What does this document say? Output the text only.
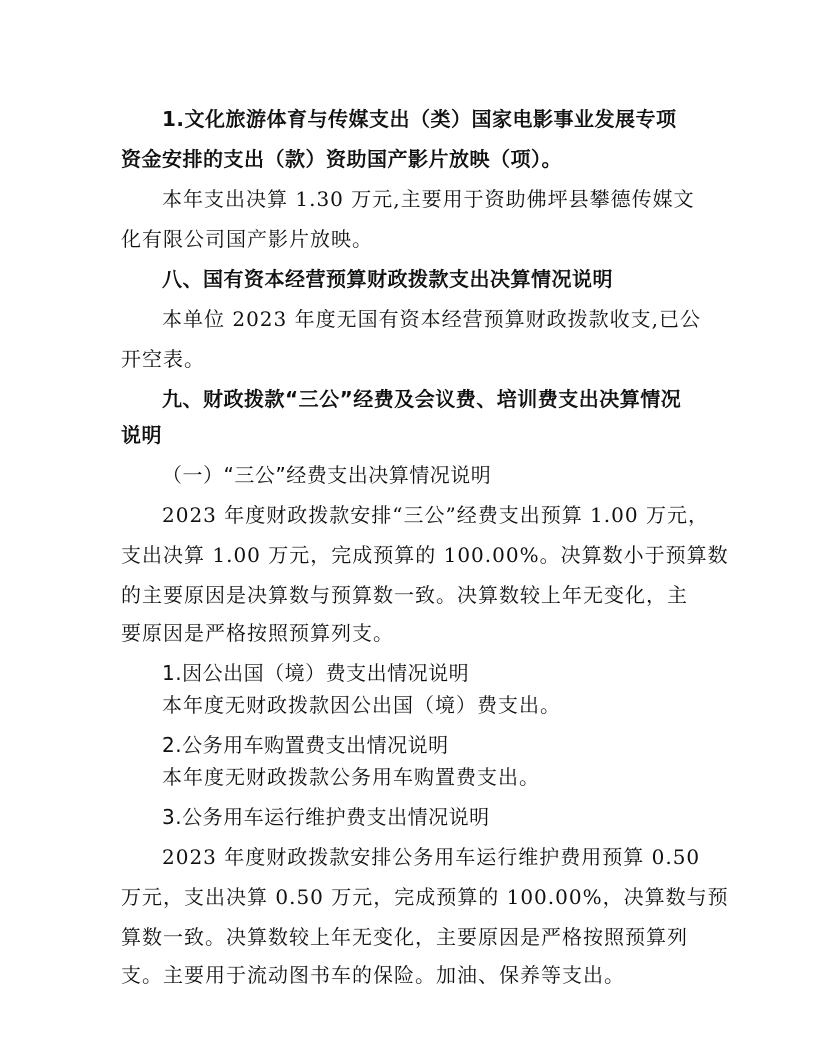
1.文化旅游体育与传媒支出（类）国家电影事业发展专项
资金安排的支出（款）资助国产影片放映（项）。
本年支出决算 1.30 万元,主要用于资助佛坪县攀德传媒文
化有限公司国产影片放映。
八、国有资本经营预算财政拨款支出决算情况说明
本单位 2023 年度无国有资本经营预算财政拨款收支,已公
开空表。
九、财政拨款“三公”经费及会议费、培训费支出决算情况
说明
（一）“三公”经费支出决算情况说明
2023 年度财政拨款安排“三公”经费支出预算 1.00 万元，
支出决算 1.00 万元，完成预算的 100.00%。决算数小于预算数
的主要原因是决算数与预算数一致。决算数较上年无变化，主
要原因是严格按照预算列支。
1.因公出国（境）费支出情况说明
本年度无财政拨款因公出国（境）费支出。
2.公务用车购置费支出情况说明
本年度无财政拨款公务用车购置费支出。
3.公务用车运行维护费支出情况说明
2023 年度财政拨款安排公务用车运行维护费用预算 0.50
万元，支出决算 0.50 万元，完成预算的 100.00%，决算数与预
算数一致。决算数较上年无变化，主要原因是严格按照预算列
支。主要用于流动图书车的保险。加油、保养等支出。
